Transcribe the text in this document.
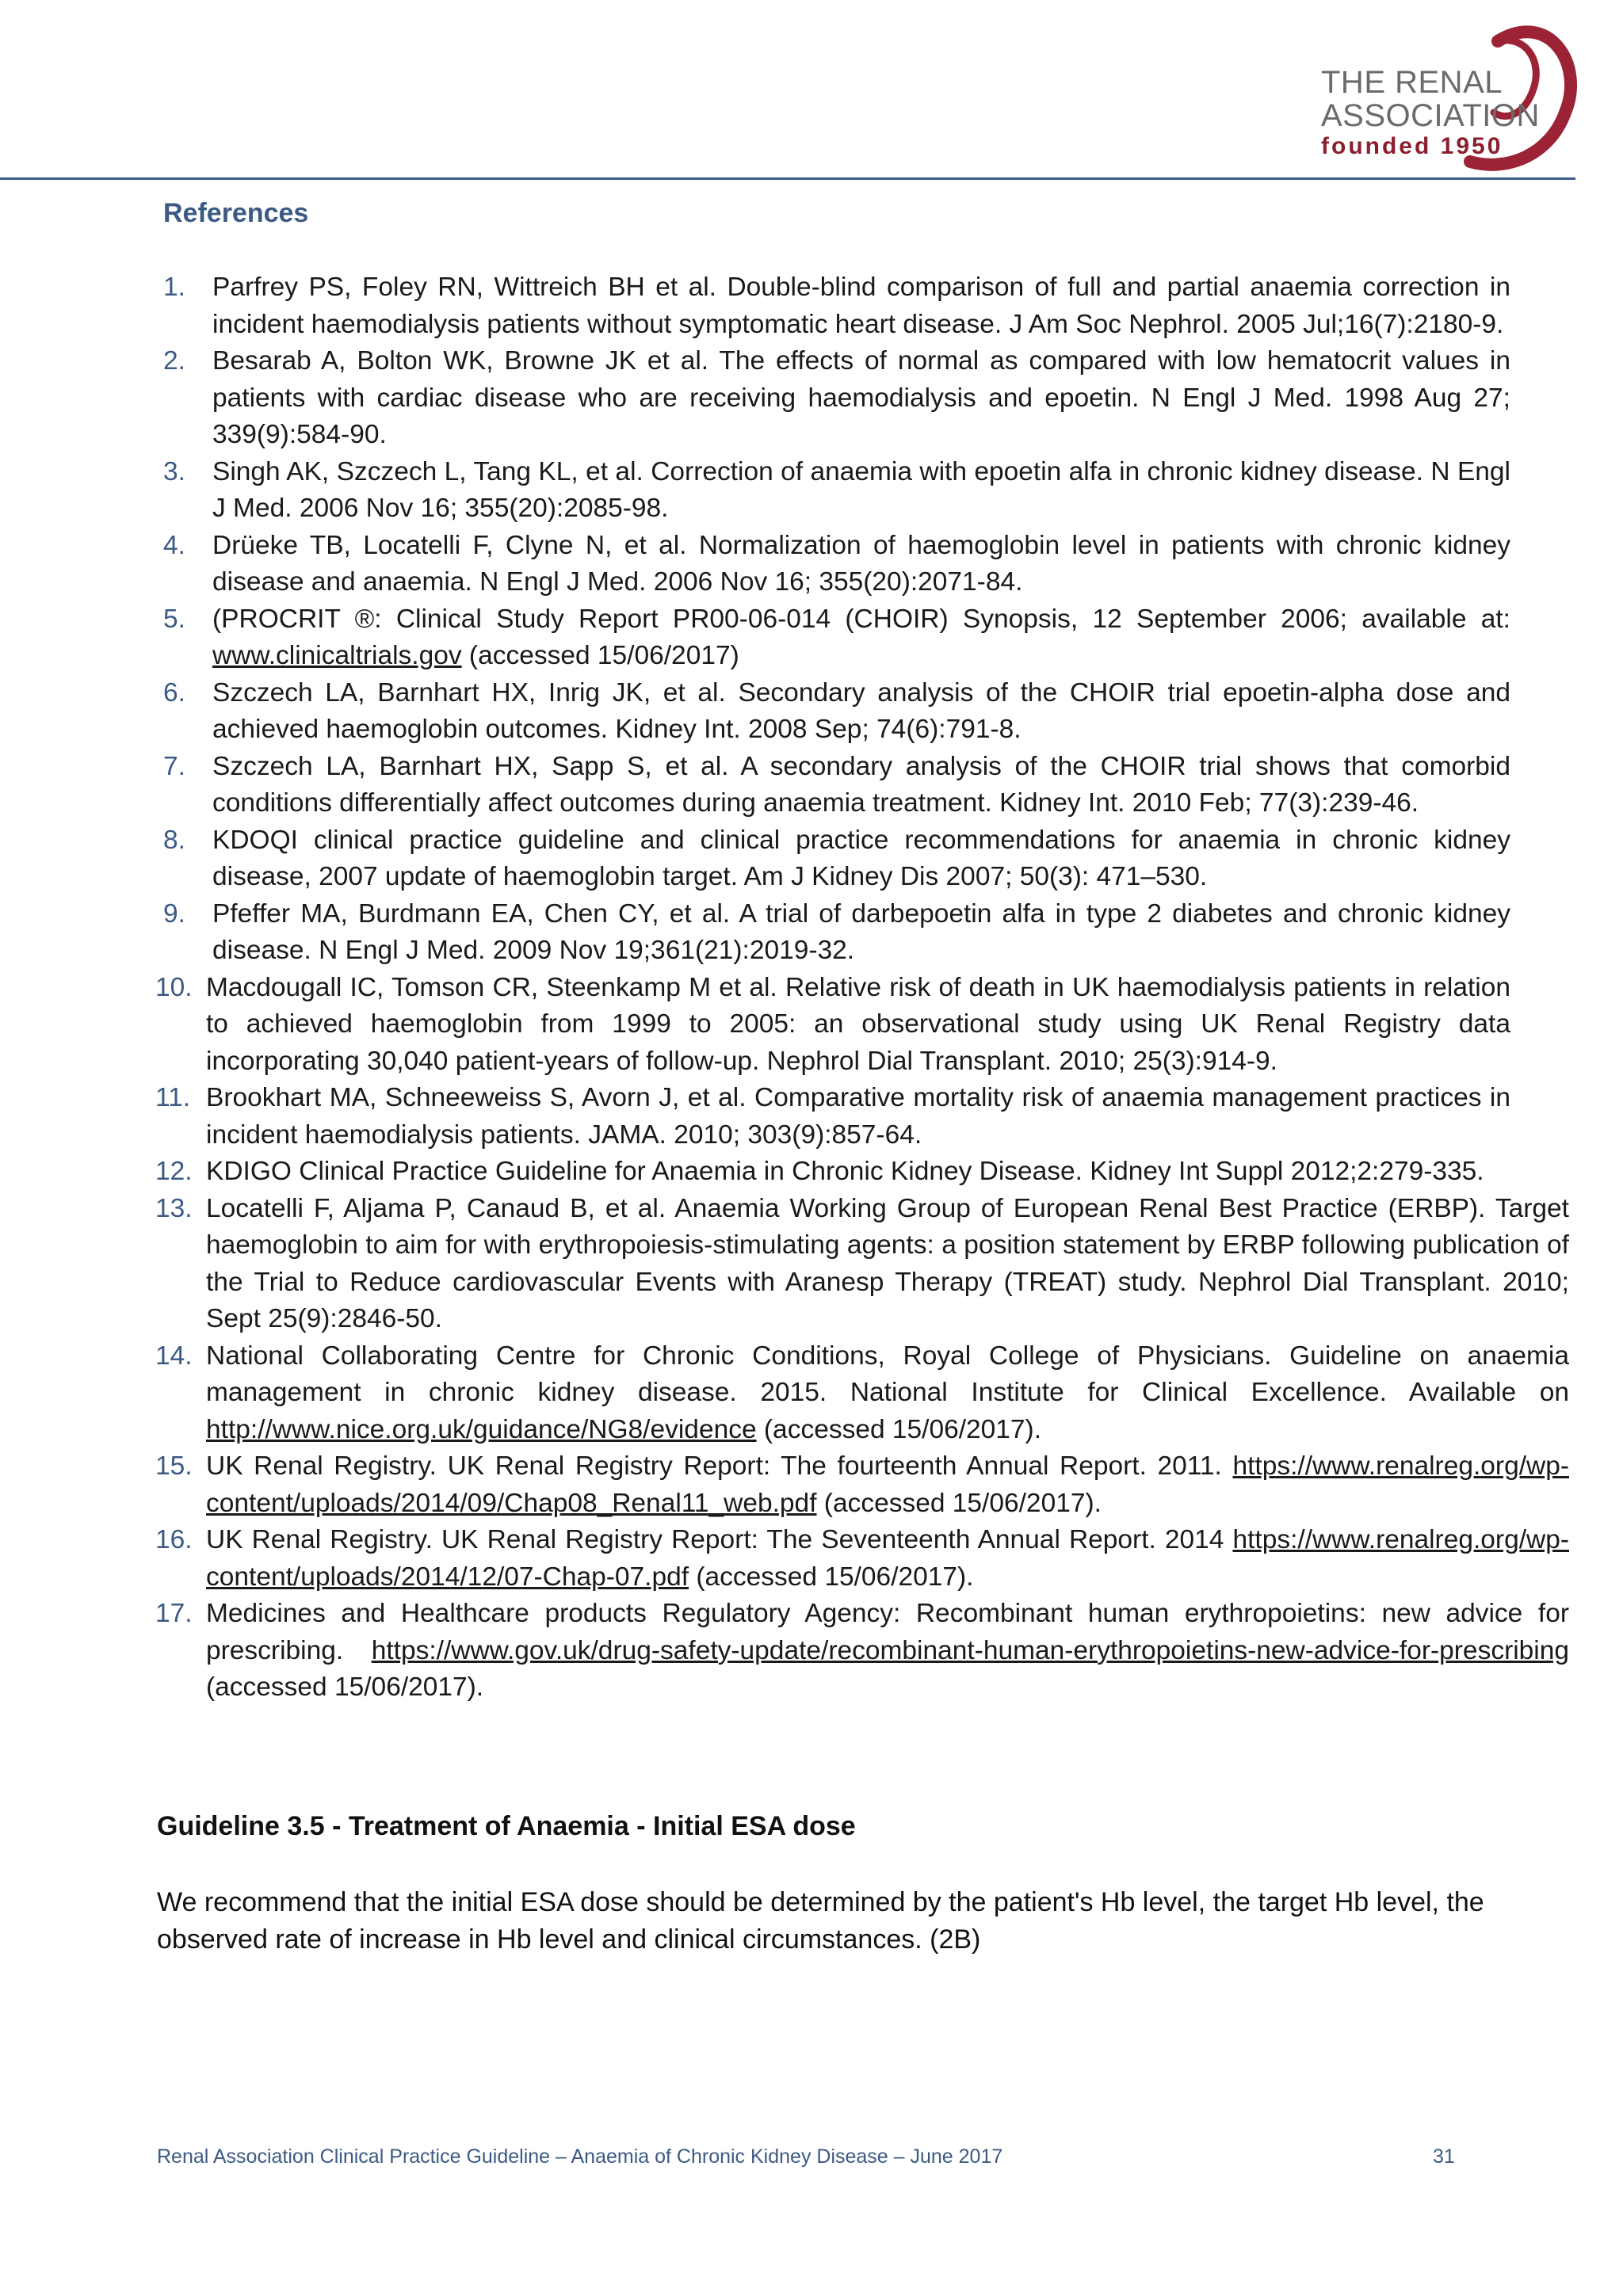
THE RENAL
ASSOCIATION
founded 1950
References
1. Parfrey PS, Foley RN, Wittreich BH et al. Double-blind comparison of full and partial anaemia correction in incident haemodialysis patients without symptomatic heart disease. J Am Soc Nephrol. 2005 Jul;16(7):2180-9.
2. Besarab A, Bolton WK, Browne JK et al. The effects of normal as compared with low hematocrit values in patients with cardiac disease who are receiving haemodialysis and epoetin. N Engl J Med. 1998 Aug 27; 339(9):584-90.
3. Singh AK, Szczech L, Tang KL, et al. Correction of anaemia with epoetin alfa in chronic kidney disease. N Engl J Med. 2006 Nov 16; 355(20):2085-98.
4. Drüeke TB, Locatelli F, Clyne N, et al. Normalization of haemoglobin level in patients with chronic kidney disease and anaemia. N Engl J Med. 2006 Nov 16; 355(20):2071-84.
5. (PROCRIT ®: Clinical Study Report PR00-06-014 (CHOIR) Synopsis, 12 September 2006; available at: www.clinicaltrials.gov (accessed 15/06/2017)
6. Szczech LA, Barnhart HX, Inrig JK, et al. Secondary analysis of the CHOIR trial epoetin-alpha dose and achieved haemoglobin outcomes. Kidney Int. 2008 Sep; 74(6):791-8.
7. Szczech LA, Barnhart HX, Sapp S, et al. A secondary analysis of the CHOIR trial shows that comorbid conditions differentially affect outcomes during anaemia treatment. Kidney Int. 2010 Feb; 77(3):239-46.
8. KDOQI clinical practice guideline and clinical practice recommendations for anaemia in chronic kidney disease, 2007 update of haemoglobin target. Am J Kidney Dis 2007; 50(3): 471–530.
9. Pfeffer MA, Burdmann EA, Chen CY, et al. A trial of darbepoetin alfa in type 2 diabetes and chronic kidney disease. N Engl J Med. 2009 Nov 19;361(21):2019-32.
10. Macdougall IC, Tomson CR, Steenkamp M et al. Relative risk of death in UK haemodialysis patients in relation to achieved haemoglobin from 1999 to 2005: an observational study using UK Renal Registry data incorporating 30,040 patient-years of follow-up. Nephrol Dial Transplant. 2010; 25(3):914-9.
11. Brookhart MA, Schneeweiss S, Avorn J, et al. Comparative mortality risk of anaemia management practices in incident haemodialysis patients. JAMA. 2010; 303(9):857-64.
12. KDIGO Clinical Practice Guideline for Anaemia in Chronic Kidney Disease. Kidney Int Suppl 2012;2:279-335.
13. Locatelli F, Aljama P, Canaud B, et al. Anaemia Working Group of European Renal Best Practice (ERBP). Target haemoglobin to aim for with erythropoiesis-stimulating agents: a position statement by ERBP following publication of the Trial to Reduce cardiovascular Events with Aranesp Therapy (TREAT) study. Nephrol Dial Transplant. 2010; Sept 25(9):2846-50.
14. National Collaborating Centre for Chronic Conditions, Royal College of Physicians. Guideline on anaemia management in chronic kidney disease. 2015. National Institute for Clinical Excellence. Available on http://www.nice.org.uk/guidance/NG8/evidence (accessed 15/06/2017).
15. UK Renal Registry. UK Renal Registry Report: The fourteenth Annual Report. 2011. https://www.renalreg.org/wp-content/uploads/2014/09/Chap08_Renal11_web.pdf (accessed 15/06/2017).
16. UK Renal Registry. UK Renal Registry Report: The Seventeenth Annual Report. 2014 https://www.renalreg.org/wp-content/uploads/2014/12/07-Chap-07.pdf (accessed 15/06/2017).
17. Medicines and Healthcare products Regulatory Agency: Recombinant human erythropoietins: new advice for prescribing. https://www.gov.uk/drug-safety-update/recombinant-human-erythropoietins-new-advice-for-prescribing (accessed 15/06/2017).
Guideline 3.5 - Treatment of Anaemia - Initial ESA dose
We recommend that the initial ESA dose should be determined by the patient's Hb level, the target Hb level, the observed rate of increase in Hb level and clinical circumstances. (2B)
Renal Association Clinical Practice Guideline – Anaemia of Chronic Kidney Disease – June 2017	31
